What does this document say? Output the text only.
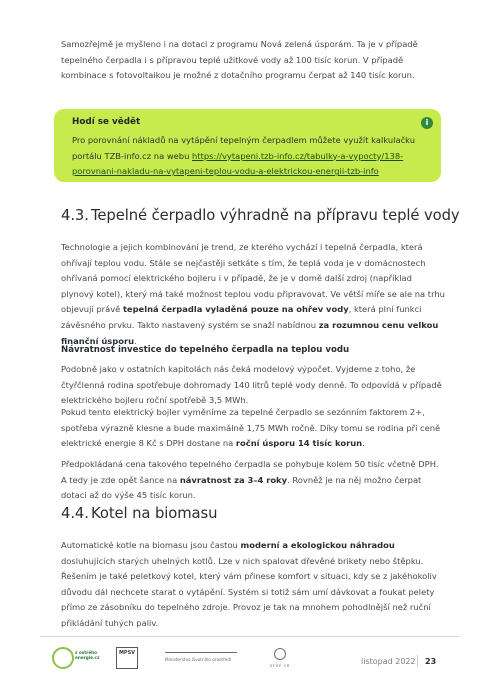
Samozřejmě je myšleno i na dotaci z programu Nová zelená úsporám. Ta je v případě tepelného čerpadla i s přípravou teplé užitkové vody až 100 tisíc korun. V případě kombinace s fotovoltaikou je možné z dotačního programu čerpat až 140 tisíc korun.

Hodí se vědět	i
Pro porovnání nákladů na vytápění tepelným čerpadlem můžete využít kalkulačku portálu TZB-info.cz na webu https://vytapeni.tzb-info.cz/tabulky-a-vypocty/138-porovnani-nakladu-na-vytapeni-teplou-vodu-a-elektrickou-energii-tzb-info
4.3. Tepelné čerpadlo výhradně na přípravu teplé vody

Technologie a jejich kombinování je trend, ze kterého vychází i tepelná čerpadla, která ohřívají teplou vodu. Stále se nejčastěji setkáte s tím, že teplá voda je v domácnostech ohřívaná pomocí elektrického bojleru i v případě, že je v domě další zdroj (například plynový kotel), který má také možnost teplou vodu připravovat. Ve větší míře se ale na trhu objevují právě tepelná čerpadla vyladěná pouze na ohřev vody, která plní funkci závěsného prvku. Takto nastavený systém se snaží nabídnou za rozumnou cenu velkou finanční úsporu.

Návratnost investice do tepelného čerpadla na teplou vodu

Podobně jako v ostatních kapitolách nás čeká modelový výpočet. Vyjdeme z toho, že čtyřčlenná rodina spotřebuje dohromady 140 litrů teplé vody denně. To odpovídá v případě elektrického bojleru roční spotřebě 3,5 MWh.

Pokud tento elektrický bojler vyměníme za tepelné čerpadlo se sezónním faktorem 2+, spotřeba výrazně klesne a bude maximálně 1,75 MWh ročně. Díky tomu se rodina při ceně elektrické energie 8 Kč s DPH dostane na roční úsporu 14 tisíc korun.

Předpokládaná cena takového tepelného čerpadla se pohybuje kolem 50 tisíc včetně DPH. A tedy je zde opět šance na návratnost za 3–4 roky. Rovněž je na něj možno čerpat dotaci až do výše 45 tisíc korun.

4.4. Kotel na biomasu

Automatické kotle na biomasu jsou častou moderní a ekologickou náhradou dosluhujících starých uhelných kotlů. Lze v nich spalovat dřevěné brikety nebo štěpku. Řešením je také peletkový kotel, který vám přinese komfort v situaci, kdy se z jakéhokoliv důvodu dál nechcete starat o vytápění. Systém si totiž sám umí dávkovat a foukat pelety přímo ze zásobníku do tepelného zdroje. Provoz je tak na mnohem pohodlnější než ruční přikládání tuhých paliv.

z ostrého energie.cz
MPSV
Ministerstvo životního prostředí
SFŽP ČR	listopad 2022 23
